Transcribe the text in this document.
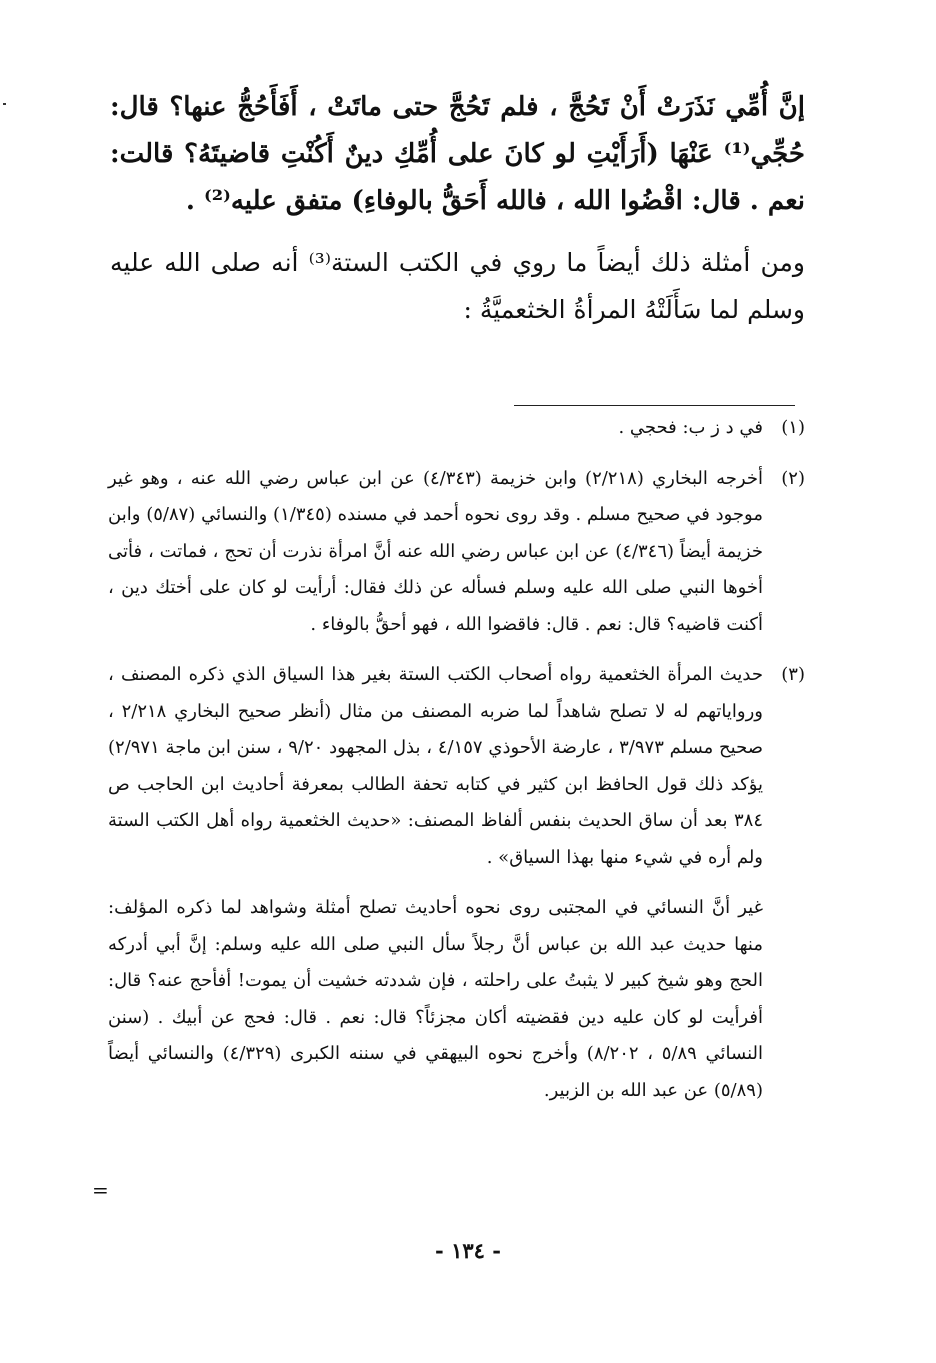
إنَّ أُمِّي نَذَرَتْ أَنْ تَحُجَّ ، فلم تَحُجَّ حتى ماتَتْ ، أَفَأَحُجُّ عنها؟ قال: حُجِّي⁽¹⁾ عَنْهَا (أَرَأَيْتِ لو كانَ على أُمِّكِ دينٌ أَكُنْتِ قاضيتَهُ؟ قالت: نعم . قال: اقْضُوا الله ، فالله أَحَقُّ بالوفاءِ) متفق عليه⁽²⁾ .

ومن أمثلة ذلك أيضاً ما روي في الكتب الستة⁽³⁾ أنه صلى الله عليه وسلم لما سَأَلَتْهُ المرأةُ الخثعميَّةُ :

(١)
في د ز ب: فحجي .
(٢)
أخرجه البخاري (٢/٢١٨) وابن خزيمة (٤/٣٤٣) عن ابن عباس رضي الله عنه ، وهو غير موجود في صحيح مسلم . وقد روى نحوه أحمد في مسنده (١/٣٤٥) والنسائي (٥/٨٧) وابن خزيمة أيضاً (٤/٣٤٦) عن ابن عباس رضي الله عنه أنَّ امرأة نذرت أن تحج ، فماتت ، فأتى أخوها النبي صلى الله عليه وسلم فسأله عن ذلك فقال: أرأيت لو كان على أختك دين ، أكنت قاضيه؟ قال: نعم . قال: فاقضوا الله ، فهو أحقُّ بالوفاء .
(٣)
حديث المرأة الخثعمية رواه أصحاب الكتب الستة بغير هذا السياق الذي ذكره المصنف ، ورواياتهم له لا تصلح شاهداً لما ضربه المصنف من مثال (أنظر صحيح البخاري ٢/٢١٨ ، صحيح مسلم ٣/٩٧٣ ، عارضة الأحوذي ٤/١٥٧ ، بذل المجهود ٩/٢٠ ، سنن ابن ماجة ٢/٩٧١) يؤكد ذلك قول الحافظ ابن كثير في كتابه تحفة الطالب بمعرفة أحاديث ابن الحاجب ص ٣٨٤ بعد أن ساق الحديث بنفس ألفاظ المصنف: «حديث الخثعمية رواه أهل الكتب الستة ولم أره في شيء منها بهذا السياق» .

غير أنَّ النسائي في المجتبى روى نحوه أحاديث تصلح أمثلة وشواهد لما ذكره المؤلف: منها حديث عبد الله بن عباس أنَّ رجلاً سأل النبي صلى الله عليه وسلم: إنَّ أبي أدركه الحج وهو شيخ كبير لا يثبتُ على راحلته ، فإن شددته خشيت أن يموت! أفأحج عنه؟ قال: أفرأيت لو كان عليه دين فقضيته أكان مجزئاً؟ قال: نعم . قال: فحج عن أبيك . (سنن النسائي ٥/٨٩ ، ٨/٢٠٢) وأخرج نحوه البيهقي في سننه الكبرى (٤/٣٢٩) والنسائي أيضاً (٥/٨٩) عن عبد الله بن الزبير.

=
- ١٣٤ -
